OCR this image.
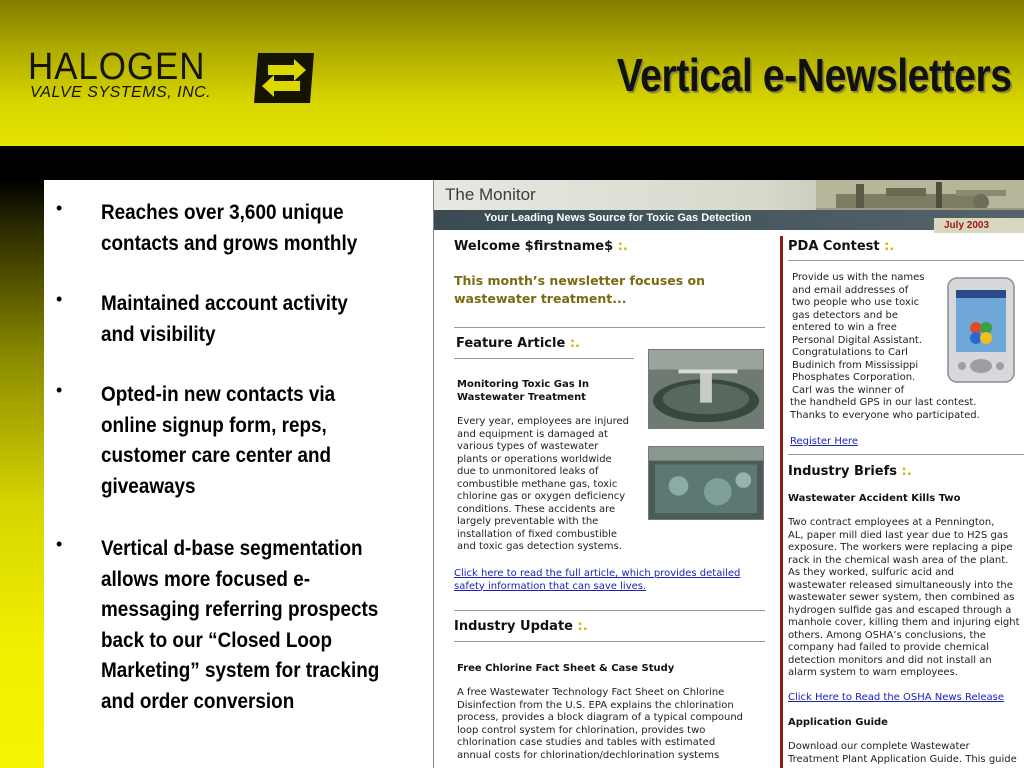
HALOGEN
VALVE SYSTEMS, INC.	Vertical e-Newsletters
• Reaches over 3,600 unique contacts and grows monthly
• Maintained account activity and visibility
• Opted-in new contacts via online signup form, reps, customer care center and giveaways
• Vertical d-base segmentation allows more focused e-messaging referring prospects back to our “Closed Loop Marketing” system for tracking and order conversion
The Monitor
Your Leading News Source for Toxic Gas Detection
July 2003
Welcome $firstname$ :.
This month’s newsletter focuses on wastewater treatment...
Feature Article :.
Monitoring Toxic Gas In Wastewater Treatment
Every year, employees are injured
and equipment is damaged at
various types of wastewater
plants or operations worldwide
due to unmonitored leaks of
combustible methane gas, toxic
chlorine gas or oxygen deficiency
conditions. These accidents are
largely preventable with the
installation of fixed combustible
and toxic gas detection systems.
Click here to read the full article, which provides detailed
safety information that can save lives.
Industry Update :.
Free Chlorine Fact Sheet & Case Study
A free Wastewater Technology Fact Sheet on Chlorine
Disinfection from the U.S. EPA explains the chlorination
process, provides a block diagram of a typical compound
loop control system for chlorination, provides two
chlorination case studies and tables with estimated
annual costs for chlorination/dechlorination systems
PDA Contest :.
Provide us with the names
and email addresses of
two people who use toxic
gas detectors and be
entered to win a free
Personal Digital Assistant.
Congratulations to Carl
Budinich from Mississippi
Phosphates Corporation.
Carl was the winner of
the handheld GPS in our last contest.
Thanks to everyone who participated.
Register Here
Industry Briefs :.
Wastewater Accident Kills Two
Two contract employees at a Pennington,
AL, paper mill died last year due to H2S gas
exposure. The workers were replacing a pipe
rack in the chemical wash area of the plant.
As they worked, sulfuric acid and
wastewater released simultaneously into the
wastewater sewer system, then combined as
hydrogen sulfide gas and escaped through a
manhole cover, killing them and injuring eight
others. Among OSHA’s conclusions, the
company had failed to provide chemical
detection monitors and did not install an
alarm system to warn employees.
Click Here to Read the OSHA News Release
Application Guide
Download our complete Wastewater
Treatment Plant Application Guide. This guide
